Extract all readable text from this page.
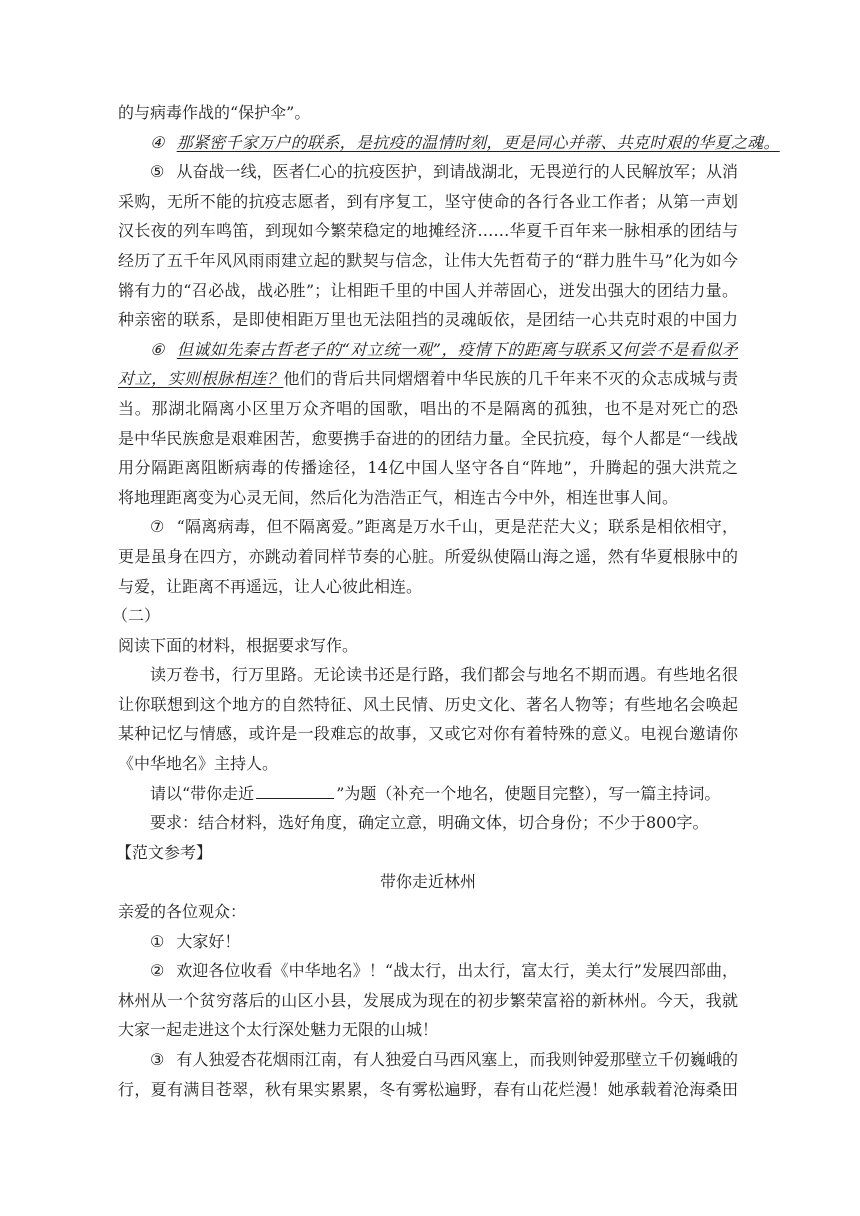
的与病毒作战的“保护伞”。
④ 那紧密千家万户的联系，是抗疫的温情时刻，更是同心并蒂、共克时艰的华夏之魂。
⑤ 从奋战一线，医者仁心的抗疫医护，到请战湖北，无畏逆行的人民解放军；从消
采购，无所不能的抗疫志愿者，到有序复工，坚守使命的各行各业工作者；从第一声划
汉长夜的列车鸣笛，到现如今繁荣稳定的地摊经济……华夏千百年来一脉相承的团结与
经历了五千年风风雨雨建立起的默契与信念，让伟大先哲荀子的“群力胜牛马”化为如今
锵有力的“召必战，战必胜”；让相距千里的中国人并蒂固心，迸发出强大的团结力量。
种亲密的联系，是即使相距万里也无法阻挡的灵魂皈依，是团结一心共克时艰的中国力
⑥ 但诚如先秦古哲老子的“对立统一观”，疫情下的距离与联系又何尝不是看似矛
对立，实则根脉相连？他们的背后共同熠熠着中华民族的几千年来不灭的众志成城与责
当。那湖北隔离小区里万众齐唱的国歌，唱出的不是隔离的孤独，也不是对死亡的恐
是中华民族愈是艰难困苦，愈要携手奋进的的团结力量。全民抗疫，每个人都是“一线战
用分隔距离阻断病毒的传播途径，14亿中国人坚守各自“阵地”，升腾起的强大洪荒之
将地理距离变为心灵无间，然后化为浩浩正气，相连古今中外，相连世事人间。
⑦ “隔离病毒，但不隔离爱。”距离是万水千山，更是茫茫大义；联系是相依相守，
更是虽身在四方，亦跳动着同样节奏的心脏。所爱纵使隔山海之遥，然有华夏根脉中的
与爱，让距离不再遥远，让人心彼此相连。
（二）
阅读下面的材料，根据要求写作。
读万卷书，行万里路。无论读书还是行路，我们都会与地名不期而遇。有些地名很
让你联想到这个地方的自然特征、风土民情、历史文化、著名人物等；有些地名会唤起
某种记忆与情感，或许是一段难忘的故事，又或它对你有着特殊的意义。电视台邀请你
《中华地名》主持人。
请以“带你走近	”为题（补充一个地名，使题目完整），写一篇主持词。
要求：结合材料，选好角度，确定立意，明确文体，切合身份；不少于800字。
【范文参考】
带你走近林州
亲爱的各位观众：
① 大家好！
② 欢迎各位收看《中华地名》！“战太行，出太行，富太行，美太行”发展四部曲，
林州从一个贫穷落后的山区小县，发展成为现在的初步繁荣富裕的新林州。今天，我就
大家一起走进这个太行深处魅力无限的山城！
③ 有人独爱杏花烟雨江南，有人独爱白马西风塞上，而我则钟爱那壁立千仞巍峨的
行，夏有满目苍翠，秋有果实累累，冬有雾松遍野，春有山花烂漫！她承载着沧海桑田
